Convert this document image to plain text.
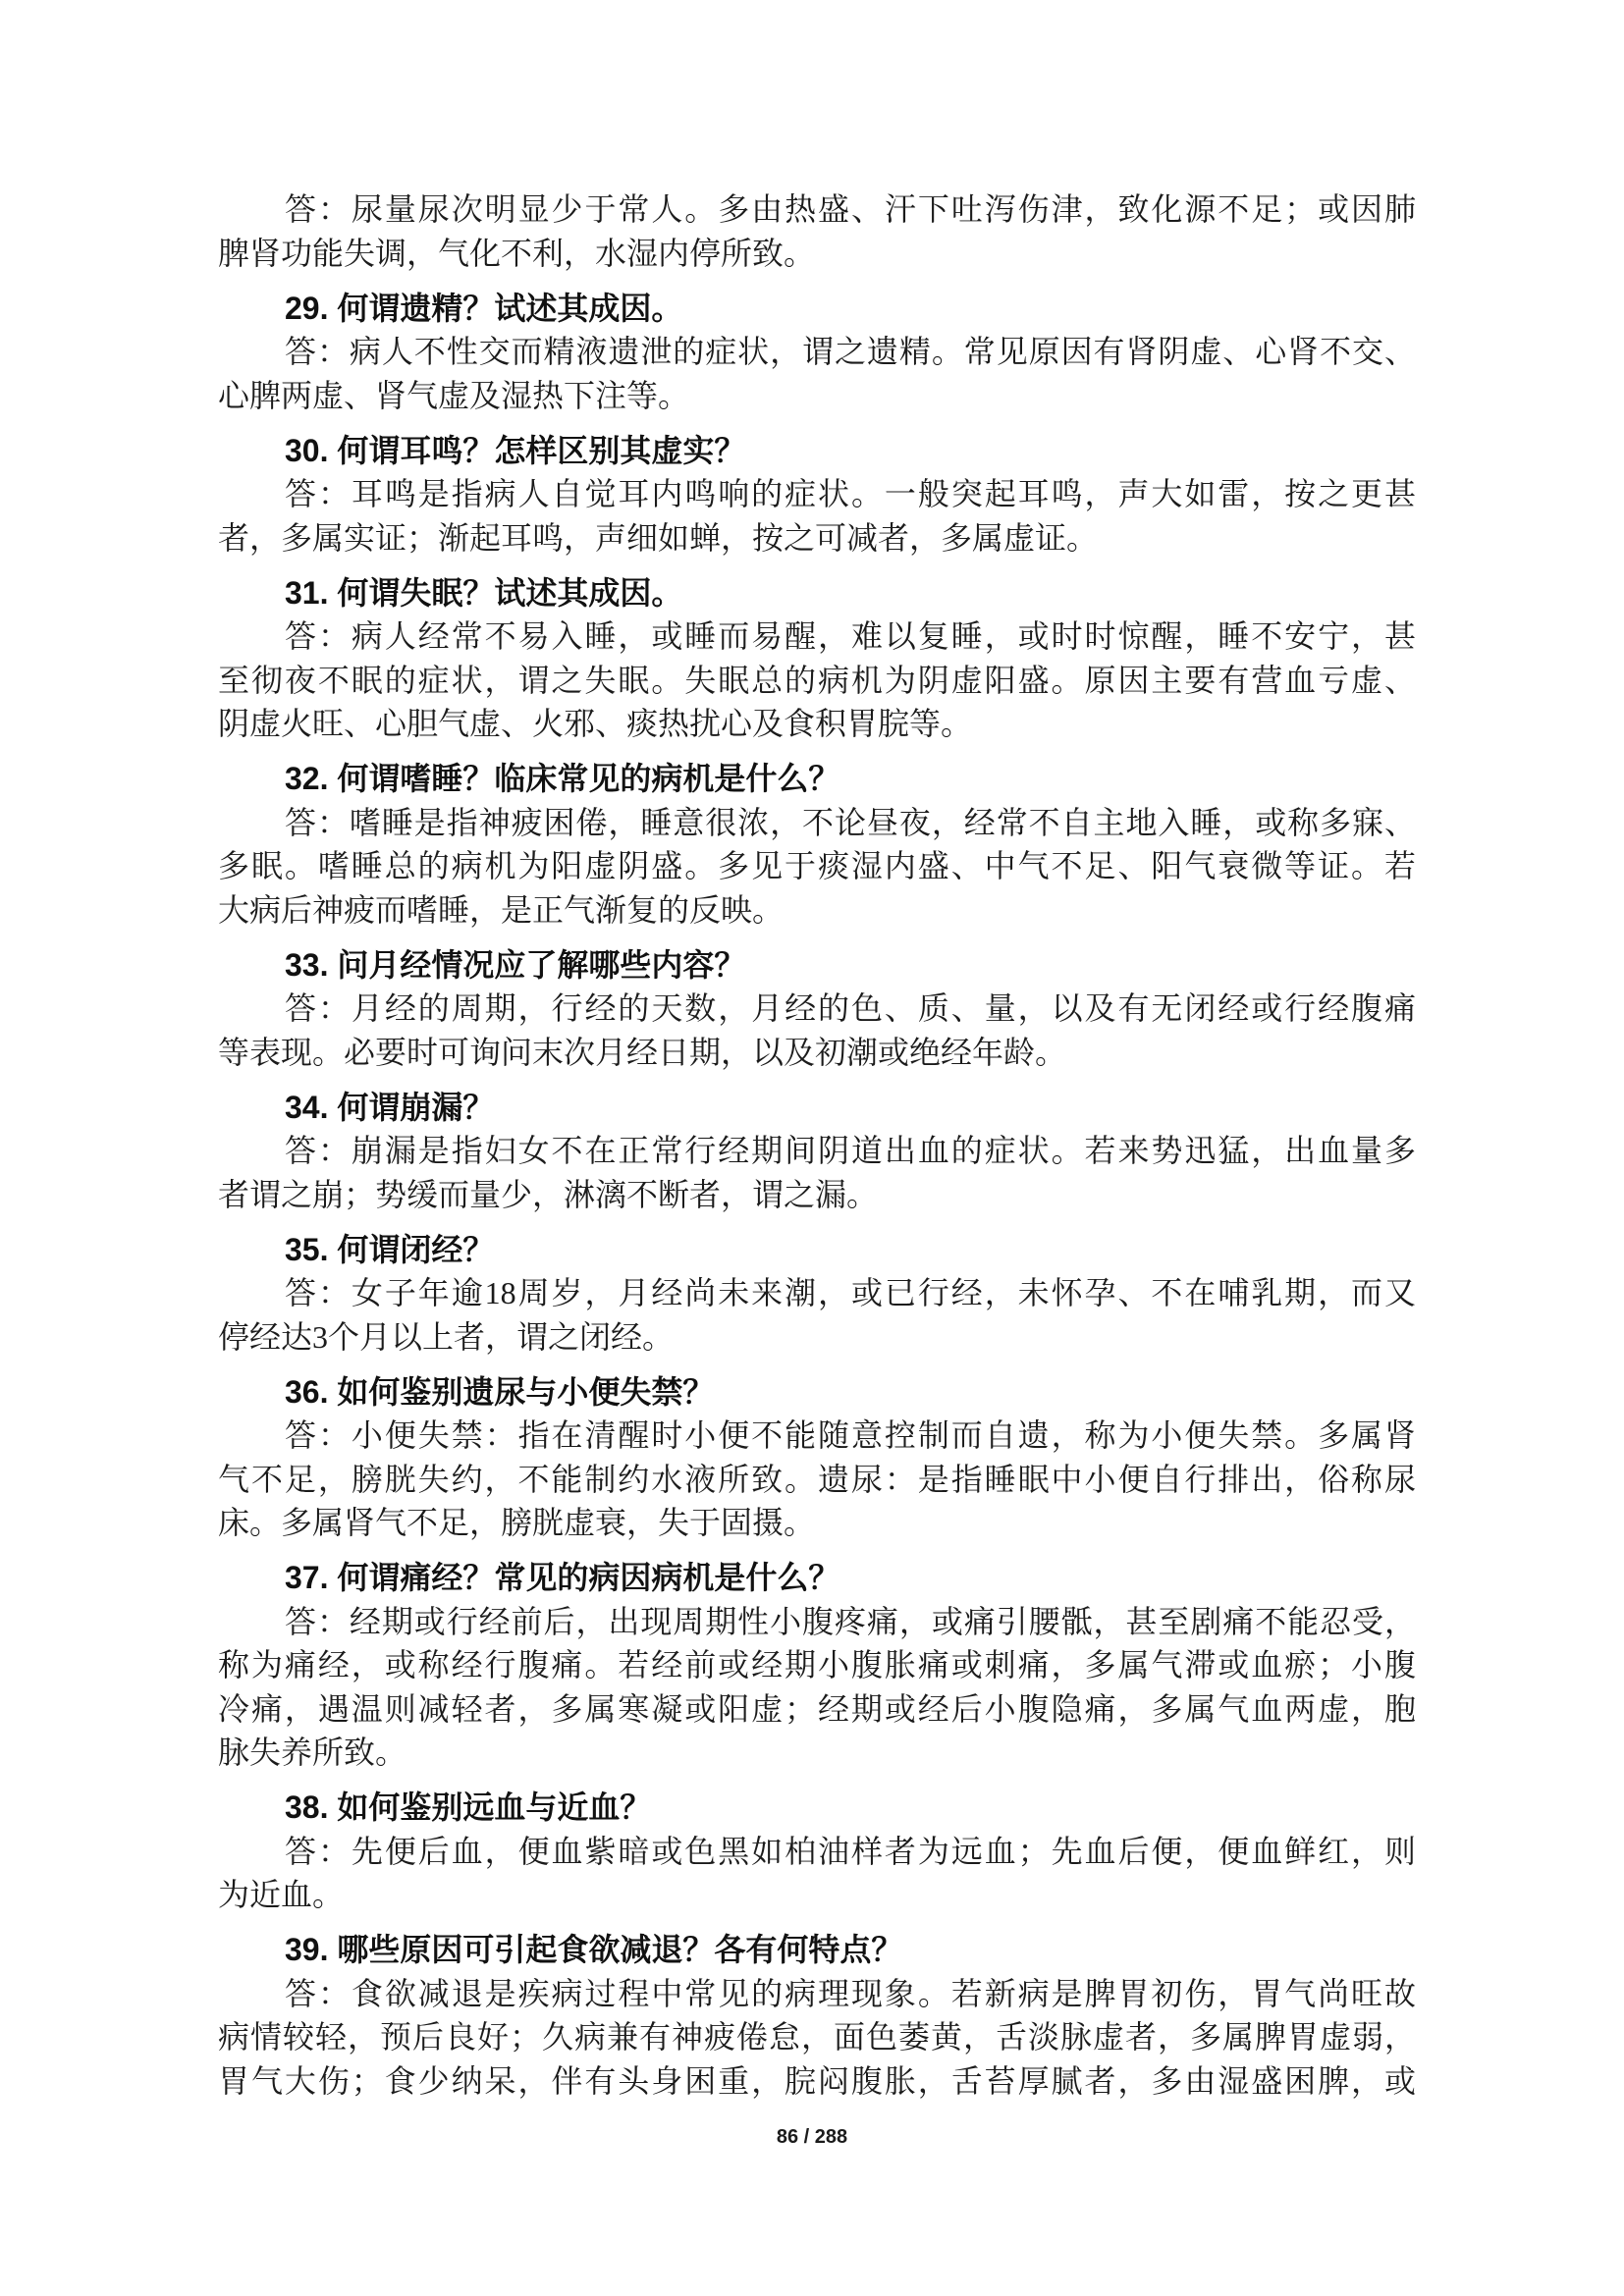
答：尿量尿次明显少于常人。多由热盛、汗下吐泻伤津，致化源不足；或因肺
脾肾功能失调，气化不利，水湿内停所致。
29. 何谓遗精？试述其成因。
答：病人不性交而精液遗泄的症状，谓之遗精。常见原因有肾阴虚、心肾不交、
心脾两虚、肾气虚及湿热下注等。
30. 何谓耳鸣？怎样区别其虚实？
答：耳鸣是指病人自觉耳内鸣响的症状。一般突起耳鸣，声大如雷，按之更甚
者，多属实证；渐起耳鸣，声细如蝉，按之可减者，多属虚证。
31. 何谓失眠？试述其成因。
答：病人经常不易入睡，或睡而易醒，难以复睡，或时时惊醒，睡不安宁，甚
至彻夜不眠的症状，谓之失眠。失眠总的病机为阴虚阳盛。原因主要有营血亏虚、
阴虚火旺、心胆气虚、火邪、痰热扰心及食积胃脘等。
32. 何谓嗜睡？临床常见的病机是什么？
答：嗜睡是指神疲困倦，睡意很浓，不论昼夜，经常不自主地入睡，或称多寐、
多眠。嗜睡总的病机为阳虚阴盛。多见于痰湿内盛、中气不足、阳气衰微等证。若
大病后神疲而嗜睡，是正气渐复的反映。
33. 问月经情况应了解哪些内容？
答：月经的周期，行经的天数，月经的色、质、量，以及有无闭经或行经腹痛
等表现。必要时可询问末次月经日期，以及初潮或绝经年龄。
34. 何谓崩漏？
答：崩漏是指妇女不在正常行经期间阴道出血的症状。若来势迅猛，出血量多
者谓之崩；势缓而量少，淋漓不断者，谓之漏。
35. 何谓闭经？
答：女子年逾18周岁，月经尚未来潮，或已行经，未怀孕、不在哺乳期，而又
停经达3个月以上者，谓之闭经。
36. 如何鉴别遗尿与小便失禁？
答：小便失禁：指在清醒时小便不能随意控制而自遗，称为小便失禁。多属肾
气不足，膀胱失约，不能制约水液所致。遗尿：是指睡眠中小便自行排出，俗称尿
床。多属肾气不足，膀胱虚衰，失于固摄。
37. 何谓痛经？常见的病因病机是什么？
答：经期或行经前后，出现周期性小腹疼痛，或痛引腰骶，甚至剧痛不能忍受，
称为痛经，或称经行腹痛。若经前或经期小腹胀痛或刺痛，多属气滞或血瘀；小腹
冷痛，遇温则减轻者，多属寒凝或阳虚；经期或经后小腹隐痛，多属气血两虚，胞
脉失养所致。
38. 如何鉴别远血与近血？
答：先便后血，便血紫暗或色黑如柏油样者为远血；先血后便，便血鲜红，则
为近血。
39. 哪些原因可引起食欲减退？各有何特点？
答：食欲减退是疾病过程中常见的病理现象。若新病是脾胃初伤，胃气尚旺故
病情较轻，预后良好；久病兼有神疲倦怠，面色萎黄，舌淡脉虚者，多属脾胃虚弱，
胃气大伤；食少纳呆，伴有头身困重，脘闷腹胀，舌苔厚腻者，多由湿盛困脾，或
86 / 288
